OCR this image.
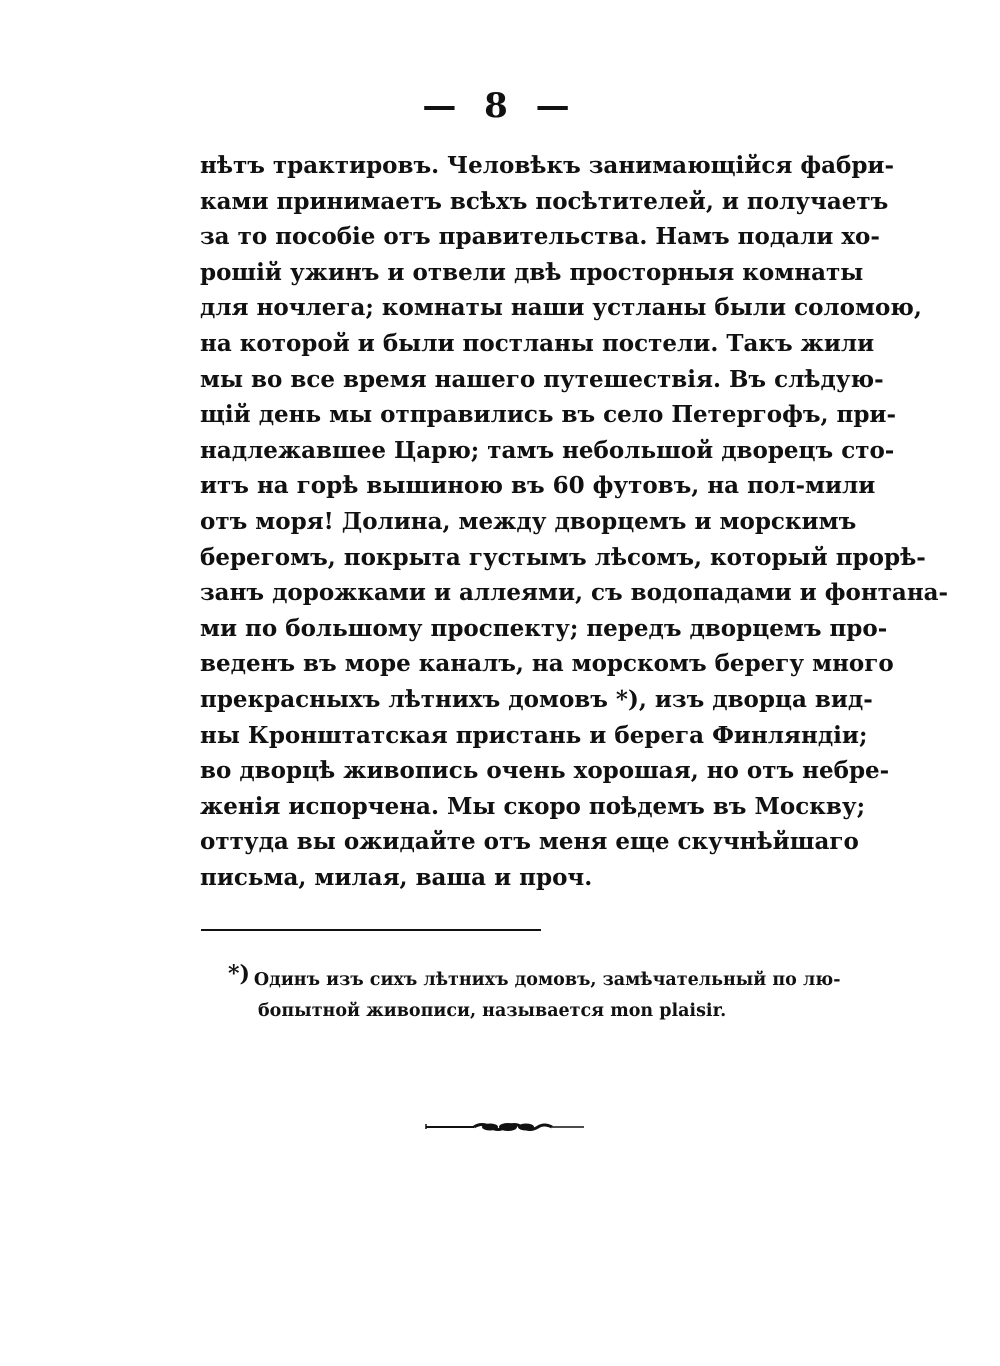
— 8 —
нѣтъ трактировъ. Человѣкъ занимающійся фабри-
ками принимаетъ всѣхъ посѣтителей, и получаетъ
за то пособіе отъ правительства. Намъ подали хо-
рошій ужинъ и отвели двѣ просторныя комнаты
для ночлега; комнаты наши устланы были соломою,
на которой и были постланы постели. Такъ жили
мы во все время нашего путешествія. Въ слѣдую-
щій день мы отправились въ село Петергофъ, при-
надлежавшее Царю; тамъ небольшой дворецъ сто-
итъ на горѣ вышиною въ 60 футовъ, на пол-мили
отъ моря! Долина, между дворцемъ и морскимъ
берегомъ, покрыта густымъ лѣсомъ, который прорѣ-
занъ дорожками и аллеями, съ водопадами и фонтана-
ми по большому проспекту; передъ дворцемъ про-
веденъ въ море каналъ, на морскомъ берегу много
прекрасныхъ лѣтнихъ домовъ *), изъ дворца вид-
ны Кронштатская пристань и берега Финляндіи;
во дворцѣ живопись очень хорошая, но отъ небре-
женія испорчена. Мы скоро поѣдемъ въ Москву;
оттуда вы ожидайте отъ меня еще скучнѣйшаго
письма, милая, ваша и проч.
*) Одинъ изъ сихъ лѣтнихъ домовъ, замѣчательный по лю-
бопытной живописи, называется mon plaisir.
